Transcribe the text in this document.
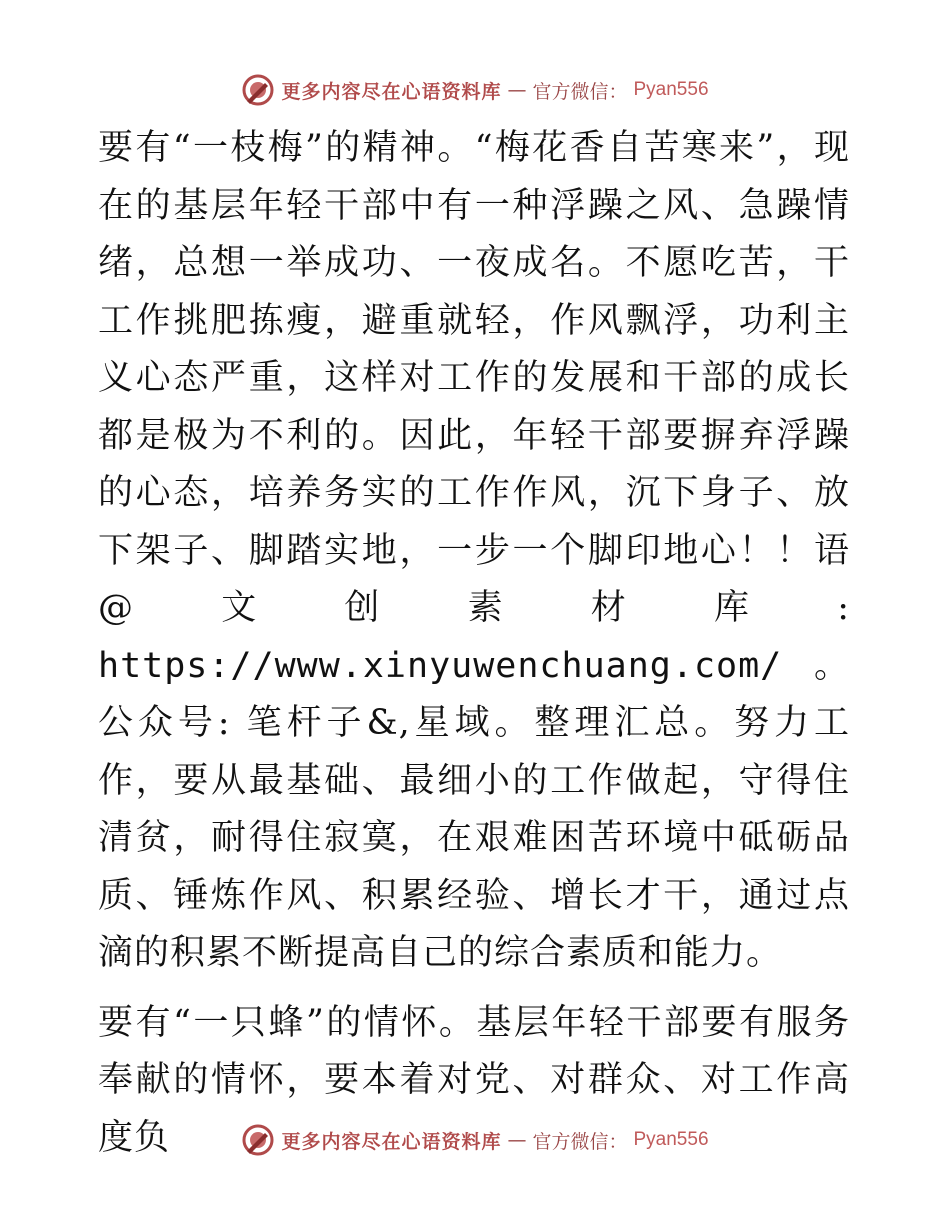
更多内容尽在心语资料库 — 官方微信： Pyan556

要有“一枝梅”的精神。“梅花香自苦寒来”，现在的基层年轻干部中有一种浮躁之风、急躁情绪，总想一举成功、一夜成名。不愿吃苦，干工作挑肥拣瘦，避重就轻，作风飘浮，功利主义心态严重，这样对工作的发展和干部的成长都是极为不利的。因此，年轻干部要摒弃浮躁的心态，培养务实的工作作风，沉下身子、放下架子、脚踏实地，一步一个脚印地心！！语@文创素材库: https://www.xinyuwenchuang.com/。公众号: 笔杆子&,星域。整理汇总。努力工作，要从最基础、最细小的工作做起，守得住清贫，耐得住寂寞，在艰难困苦环境中砥砺品质、锤炼作风、积累经验、增长才干，通过点滴的积累不断提高自己的综合素质和能力。

要有“一只蜂”的情怀。基层年轻干部要有服务奉献的情怀，要本着对党、对群众、对工作高度负	更多内容尽在心语资料库 — 官方微信： Pyan556
